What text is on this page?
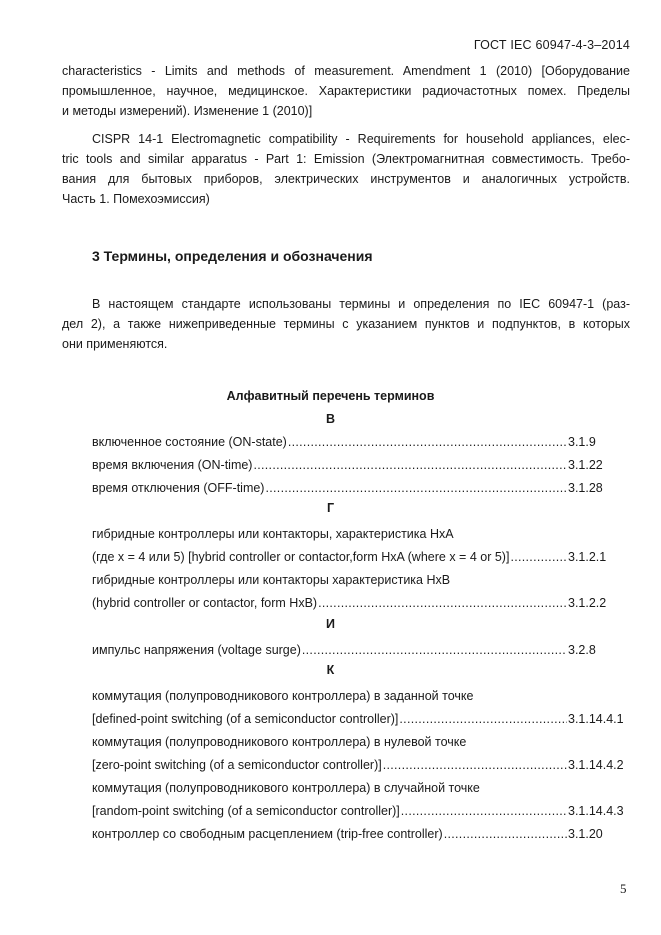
ГОСТ IEC 60947-4-3–2014
characteristics - Limits and methods of measurement. Amendment 1 (2010) [Оборудование
промышленное, научное, медицинское. Характеристики радиочастотных помех. Пределы
и методы измерений). Изменение 1 (2010)]
CISPR 14-1 Electromagnetic compatibility - Requirements for household appliances, elec-
tric tools and similar apparatus - Part 1: Emission (Электромагнитная совместимость. Требо-
вания для бытовых приборов, электрических инструментов и аналогичных устройств.
Часть 1. Помехоэмиссия)
3 Термины, определения и обозначения
В настоящем стандарте использованы термины и определения по IEC 60947-1 (раз-
дел 2), а также нижеприведенные термины с указанием пунктов и подпунктов, в которых
они применяются.
Алфавитный перечень терминов
В
включенное состояние (ON-state) .....	3.1.9
время включения (ON-time) .....	3.1.22
время отключения (OFF-time) .....	3.1.28
Г
гибридные контроллеры или контакторы, характеристика HxA
(где x = 4 или 5) [hybrid controller or contactor,form HxA (where x = 4 or 5)] .....	3.1.2.1
гибридные контроллеры или контакторы характеристика HxB
(hybrid controller or contactor, form HxB) .....	3.1.2.2
И
импульс напряжения (voltage surge) .....	3.2.8
К
коммутация (полупроводникового контроллера) в заданной точке
[defined-point switching (of a semiconductor controller)] .....	3.1.14.4.1
коммутация (полупроводникового контроллера) в нулевой точке
[zero-point switching (of a semiconductor controller)] .....	3.1.14.4.2
коммутация (полупроводникового контроллера) в случайной точке
[random-point switching (of a semiconductor controller)] .....	3.1.14.4.3
контроллер со свободным расцеплением (trip-free controller) .....	3.1.20
5
